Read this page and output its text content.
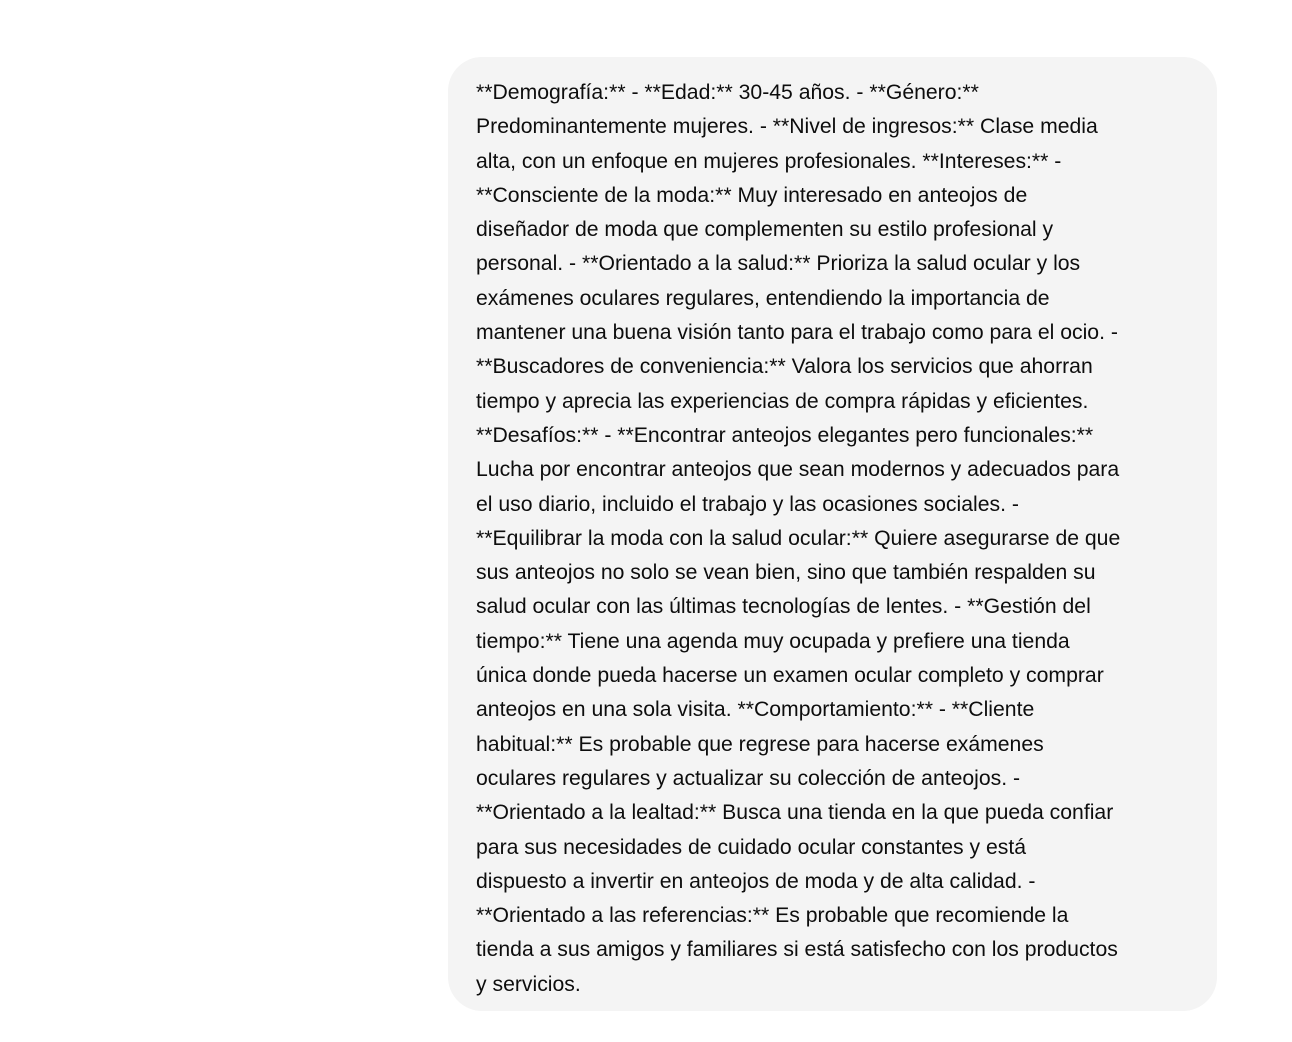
**Demografía:** - **Edad:** 30-45 años. - **Género:**
Predominantemente mujeres. - **Nivel de ingresos:** Clase media
alta, con un enfoque en mujeres profesionales. **Intereses:** -
**Consciente de la moda:** Muy interesado en anteojos de
diseñador de moda que complementen su estilo profesional y
personal. - **Orientado a la salud:** Prioriza la salud ocular y los
exámenes oculares regulares, entendiendo la importancia de
mantener una buena visión tanto para el trabajo como para el ocio. -
**Buscadores de conveniencia:** Valora los servicios que ahorran
tiempo y aprecia las experiencias de compra rápidas y eficientes.
**Desafíos:** - **Encontrar anteojos elegantes pero funcionales:**
Lucha por encontrar anteojos que sean modernos y adecuados para
el uso diario, incluido el trabajo y las ocasiones sociales. -
**Equilibrar la moda con la salud ocular:** Quiere asegurarse de que
sus anteojos no solo se vean bien, sino que también respalden su
salud ocular con las últimas tecnologías de lentes. - **Gestión del
tiempo:** Tiene una agenda muy ocupada y prefiere una tienda
única donde pueda hacerse un examen ocular completo y comprar
anteojos en una sola visita. **Comportamiento:** - **Cliente
habitual:** Es probable que regrese para hacerse exámenes
oculares regulares y actualizar su colección de anteojos. -
**Orientado a la lealtad:** Busca una tienda en la que pueda confiar
para sus necesidades de cuidado ocular constantes y está
dispuesto a invertir en anteojos de moda y de alta calidad. -
**Orientado a las referencias:** Es probable que recomiende la
tienda a sus amigos y familiares si está satisfecho con los productos
y servicios.
